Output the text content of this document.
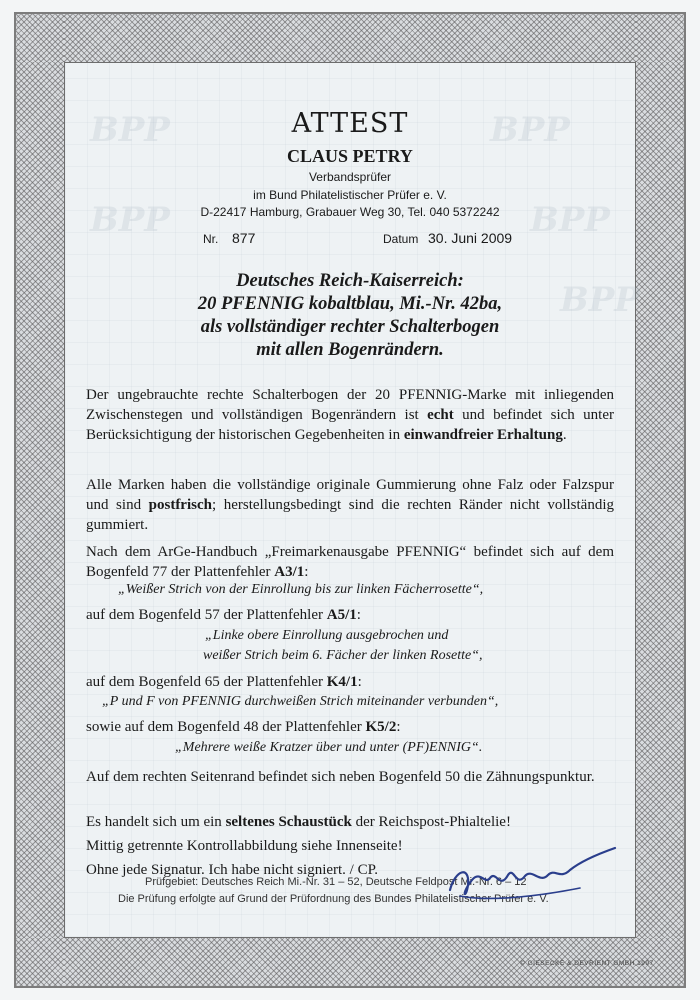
BPP	BPP
BPP	BPP
BPP
ATTEST
CLAUS PETRY
Verbandsprüfer
im Bund Philatelistischer Prüfer e. V.
D-22417 Hamburg, Grabauer Weg 30, Tel. 040 5372242
Nr. 877	Datum 30. Juni 2009
Deutsches Reich-Kaiserreich:
20 PFENNIG kobaltblau, Mi.-Nr. 42ba,
als vollständiger rechter Schalterbogen
mit allen Bogenrändern.
Der ungebrauchte rechte Schalterbogen der 20 PFENNIG-Marke mit inliegenden Zwischenstegen und vollständigen Bogenrändern ist echt und befindet sich unter Berücksichtigung der historischen Gegebenheiten in einwandfreier Erhaltung.
Alle Marken haben die vollständige originale Gummierung ohne Falz oder Falzspur und sind postfrisch; herstellungsbedingt sind die rechten Ränder nicht vollständig gummiert.
Nach dem ArGe-Handbuch „Freimarkenausgabe PFENNIG“ befindet sich auf dem Bogenfeld 77 der Plattenfehler A3/1:
„Weißer Strich von der Einrollung bis zur linken Fächerrosette“,
auf dem Bogenfeld 57 der Plattenfehler A5/1:
„Linke obere Einrollung ausgebrochen und
weißer Strich beim 6. Fächer der linken Rosette“,
auf dem Bogenfeld 65 der Plattenfehler K4/1:
„P und F von PFENNIG durchweißen Strich miteinander verbunden“,
sowie auf dem Bogenfeld 48 der Plattenfehler K5/2:
„Mehrere weiße Kratzer über und unter (PF)ENNIG“.
Auf dem rechten Seitenrand befindet sich neben Bogenfeld 50 die Zähnungspunktur.
Es handelt sich um ein seltenes Schaustück der Reichspost-Phialtelie!
Mittig getrennte Kontrollabbildung siehe Innenseite!
Ohne jede Signatur. Ich habe nicht signiert. / CP.
Prüfgebiet: Deutsches Reich Mi.-Nr. 31 – 52, Deutsche Feldpost Mi.-Nr. 6 – 12
Die Prüfung erfolgte auf Grund der Prüfordnung des Bundes Philatelistischer Prüfer e. V.
© GIESECKE & DEVRIENT GMBH 1997
